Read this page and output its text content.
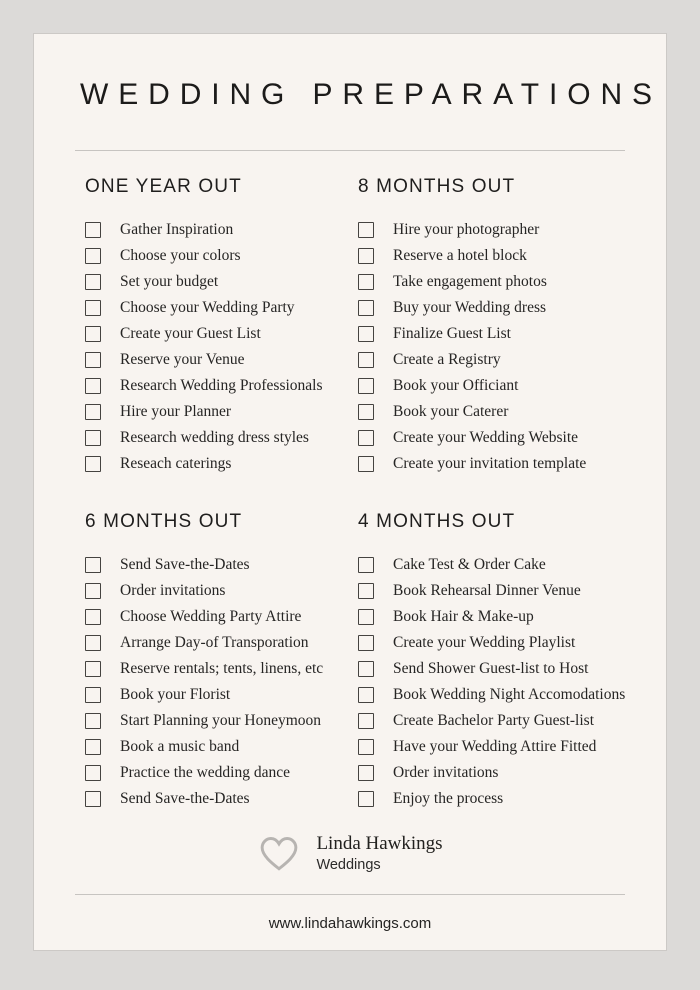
WEDDING PREPARATIONS
ONE YEAR OUT
Gather Inspiration
Choose your colors
Set your budget
Choose your Wedding Party
Create your Guest List
Reserve your Venue
Research Wedding Professionals
Hire your Planner
Research wedding dress styles
Reseach caterings
8 MONTHS OUT
Hire your photographer
Reserve a hotel block
Take engagement photos
Buy your Wedding dress
Finalize Guest List
Create a Registry
Book your Officiant
Book your Caterer
Create your Wedding Website
Create your invitation template
6 MONTHS OUT
Send Save-the-Dates
Order invitations
Choose Wedding Party Attire
Arrange Day-of Transporation
Reserve rentals; tents, linens, etc
Book your Florist
Start Planning your Honeymoon
Book a music band
Practice the wedding dance
Send Save-the-Dates
4 MONTHS OUT
Cake Test & Order Cake
Book Rehearsal Dinner Venue
Book Hair & Make-up
Create your Wedding Playlist
Send Shower Guest-list to Host
Book Wedding Night Accomodations
Create Bachelor Party Guest-list
Have your Wedding Attire Fitted
Order invitations
Enjoy the process
Linda Hawkings
Weddings
www.lindahawkings.com
